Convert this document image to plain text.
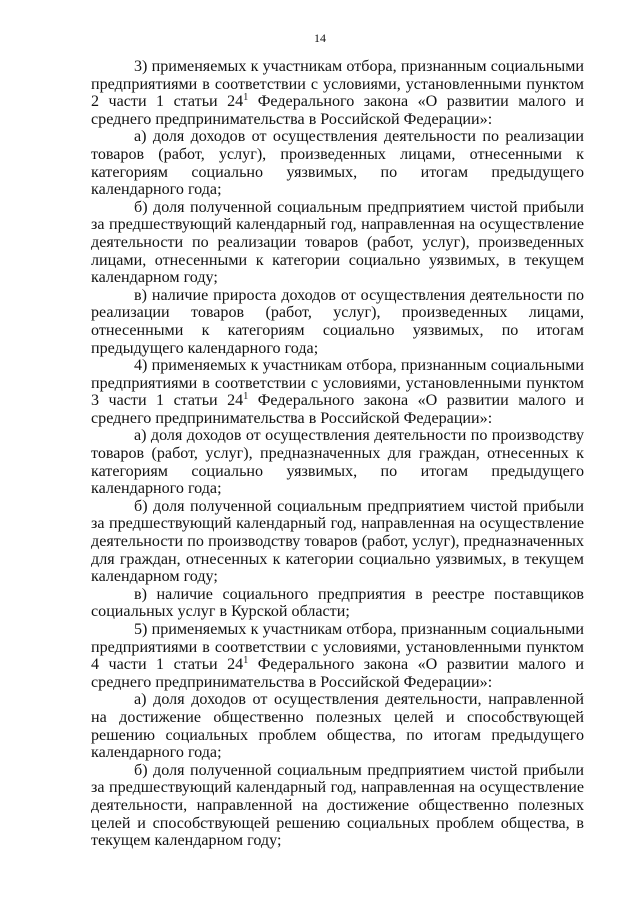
14

3) применяемых к участникам отбора, признанным социальными предприятиями в соответствии с условиями, установленными пунктом 2 части 1 статьи $24^1$ Федерального закона «О развитии малого и среднего предпринимательства в Российской Федерации»:

а) доля доходов от осуществления деятельности по реализации товаров (работ, услуг), произведенных лицами, отнесенными к категориям социально уязвимых, по итогам предыдущего календарного года;

б) доля полученной социальным предприятием чистой прибыли за предшествующий календарный год, направленная на осуществление деятельности по реализации товаров (работ, услуг), произведенных лицами, отнесенными к категории социально уязвимых, в текущем календарном году;

в) наличие прироста доходов от осуществления деятельности по реализации товаров (работ, услуг), произведенных лицами, отнесенными к категориям социально уязвимых, по итогам предыдущего календарного года;

4) применяемых к участникам отбора, признанным социальными предприятиями в соответствии с условиями, установленными пунктом 3 части 1 статьи $24^1$ Федерального закона «О развитии малого и среднего предпринимательства в Российской Федерации»:

а) доля доходов от осуществления деятельности по производству товаров (работ, услуг), предназначенных для граждан, отнесенных к категориям социально уязвимых, по итогам предыдущего календарного года;

б) доля полученной социальным предприятием чистой прибыли за предшествующий календарный год, направленная на осуществление деятельности по производству товаров (работ, услуг), предназначенных для граждан, отнесенных к категории социально уязвимых, в текущем календарном году;

в) наличие социального предприятия в реестре поставщиков социальных услуг в Курской области;

5) применяемых к участникам отбора, признанным социальными предприятиями в соответствии с условиями, установленными пунктом 4 части 1 статьи $24^1$ Федерального закона «О развитии малого и среднего предпринимательства в Российской Федерации»:

а) доля доходов от осуществления деятельности, направленной на достижение общественно полезных целей и способствующей решению социальных проблем общества, по итогам предыдущего календарного года;

б) доля полученной социальным предприятием чистой прибыли за предшествующий календарный год, направленная на осуществление деятельности, направленной на достижение общественно полезных целей и способствующей решению социальных проблем общества, в текущем календарном году;
